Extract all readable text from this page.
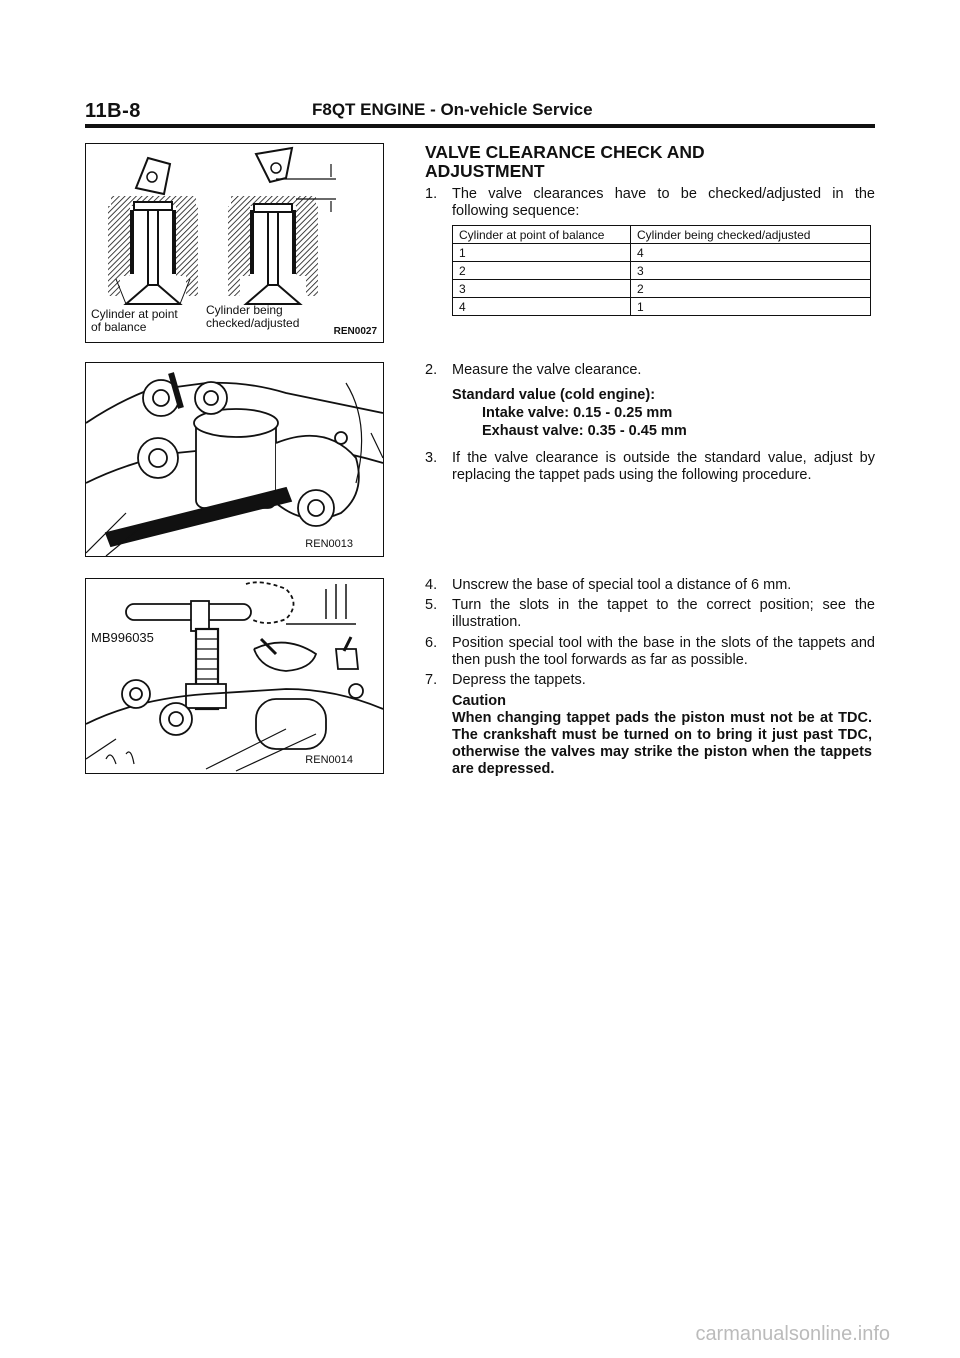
11B-8	F8QT ENGINE - On-vehicle Service
Cylinder at point
of balance
Cylinder being
checked/adjusted
REN0027
REN0013
MB996035
REN0014
VALVE CLEARANCE CHECK AND
ADJUSTMENT
1. The valve clearances have to be checked/adjusted in the following sequence:
Cylinder at point of balance	Cylinder being checked/adjusted
1	4
2	3
3	2
4	1
2. Measure the valve clearance.
Standard value (cold engine):
Intake valve: 0.15 - 0.25 mm
Exhaust valve: 0.35 - 0.45 mm
3. If the valve clearance is outside the standard value, adjust by replacing the tappet pads using the following procedure.
4. Unscrew the base of special tool a distance of 6 mm.
5. Turn the slots in the tappet to the correct position; see the illustration.
6. Position special tool with the base in the slots of the tappets and then push the tool forwards as far as possible.
7. Depress the tappets.
Caution
When changing tappet pads the piston must not be at TDC. The crankshaft must be turned on to bring it just past TDC, otherwise the valves may strike the piston when the tappets are depressed.
carmanualsonline.info
